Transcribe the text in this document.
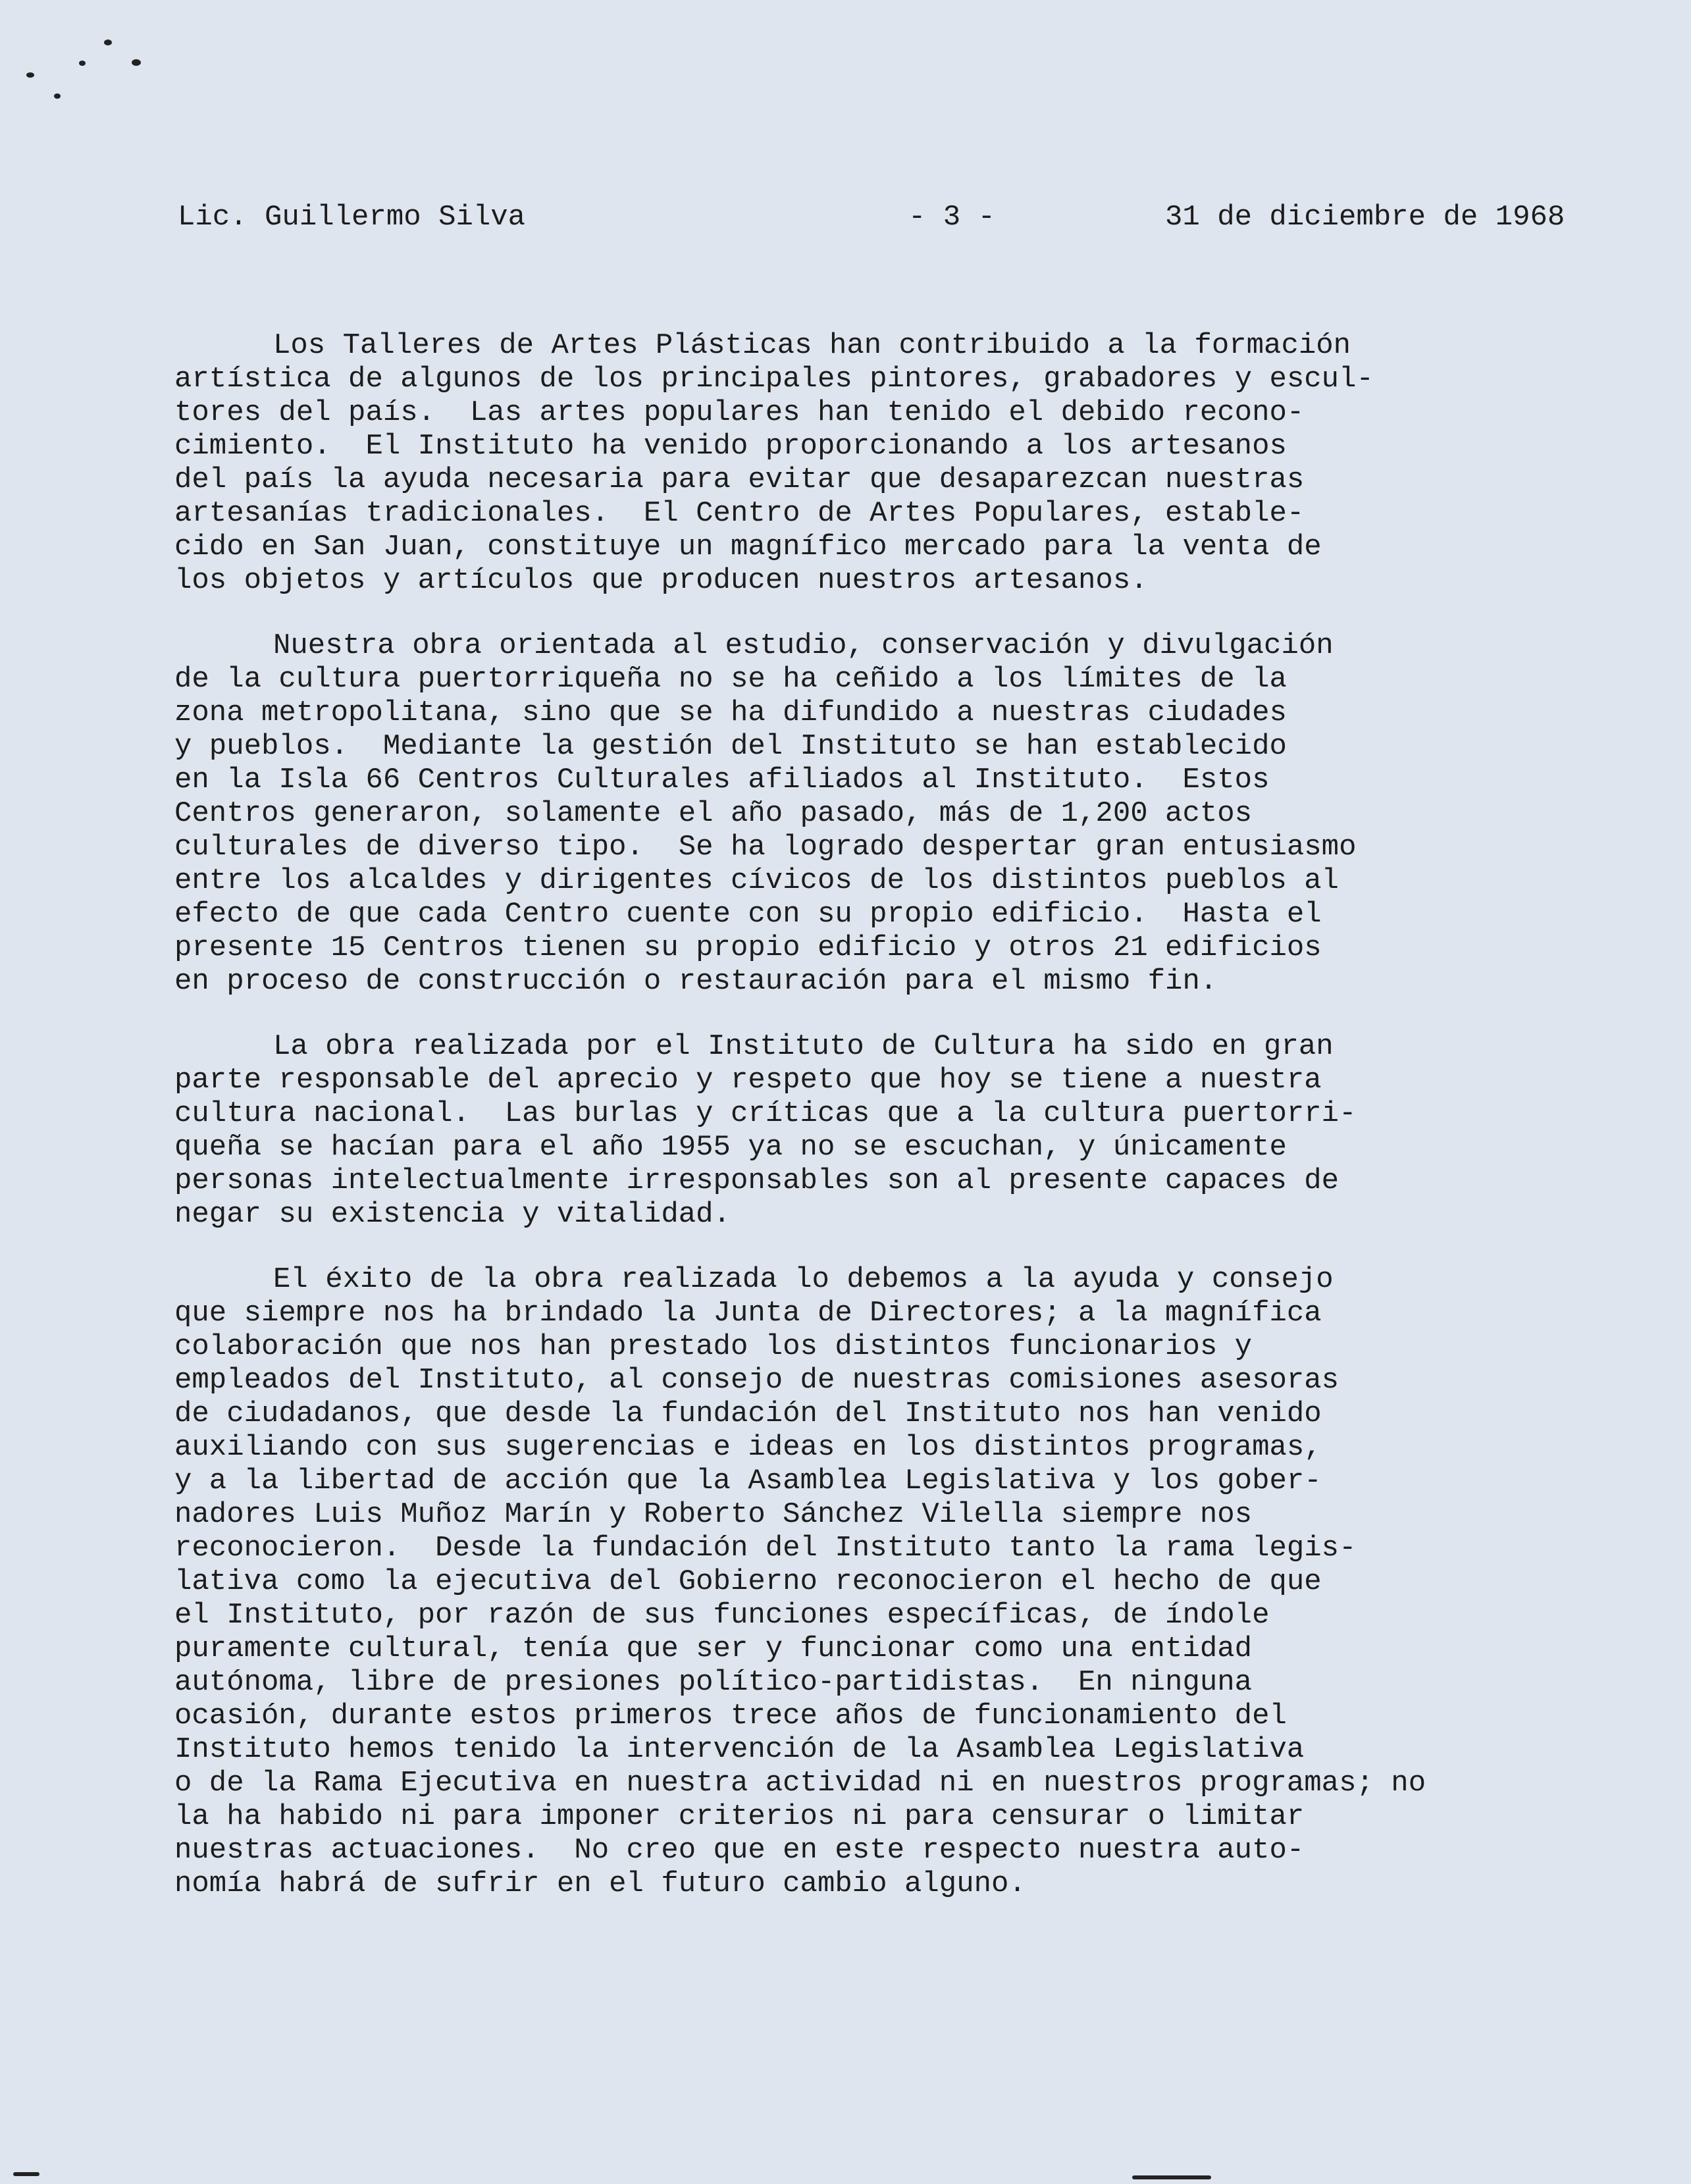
Lic. Guillermo Silva	- 3 -	31 de diciembre de 1968
Los Talleres de Artes Plásticas han contribuido a la formación
artística de algunos de los principales pintores, grabadores y escul-
tores del país.  Las artes populares han tenido el debido recono-
cimiento.  El Instituto ha venido proporcionando a los artesanos
del país la ayuda necesaria para evitar que desaparezcan nuestras
artesanías tradicionales.  El Centro de Artes Populares, estable-
cido en San Juan, constituye un magnífico mercado para la venta de
los objetos y artículos que producen nuestros artesanos.
Nuestra obra orientada al estudio, conservación y divulgación
de la cultura puertorriqueña no se ha ceñido a los límites de la
zona metropolitana, sino que se ha difundido a nuestras ciudades
y pueblos.  Mediante la gestión del Instituto se han establecido
en la Isla 66 Centros Culturales afiliados al Instituto.  Estos
Centros generaron, solamente el año pasado, más de 1,200 actos
culturales de diverso tipo.  Se ha logrado despertar gran entusiasmo
entre los alcaldes y dirigentes cívicos de los distintos pueblos al
efecto de que cada Centro cuente con su propio edificio.  Hasta el
presente 15 Centros tienen su propio edificio y otros 21 edificios
en proceso de construcción o restauración para el mismo fin.
La obra realizada por el Instituto de Cultura ha sido en gran
parte responsable del aprecio y respeto que hoy se tiene a nuestra
cultura nacional.  Las burlas y críticas que a la cultura puertorri-
queña se hacían para el año 1955 ya no se escuchan, y únicamente
personas intelectualmente irresponsables son al presente capaces de
negar su existencia y vitalidad.
El éxito de la obra realizada lo debemos a la ayuda y consejo
que siempre nos ha brindado la Junta de Directores; a la magnífica
colaboración que nos han prestado los distintos funcionarios y
empleados del Instituto, al consejo de nuestras comisiones asesoras
de ciudadanos, que desde la fundación del Instituto nos han venido
auxiliando con sus sugerencias e ideas en los distintos programas,
y a la libertad de acción que la Asamblea Legislativa y los gober-
nadores Luis Muñoz Marín y Roberto Sánchez Vilella siempre nos
reconocieron.  Desde la fundación del Instituto tanto la rama legis-
lativa como la ejecutiva del Gobierno reconocieron el hecho de que
el Instituto, por razón de sus funciones específicas, de índole
puramente cultural, tenía que ser y funcionar como una entidad
autónoma, libre de presiones político-partidistas.  En ninguna
ocasión, durante estos primeros trece años de funcionamiento del
Instituto hemos tenido la intervención de la Asamblea Legislativa
o de la Rama Ejecutiva en nuestra actividad ni en nuestros programas; no
la ha habido ni para imponer criterios ni para censurar o limitar
nuestras actuaciones.  No creo que en este respecto nuestra auto-
nomía habrá de sufrir en el futuro cambio alguno.
